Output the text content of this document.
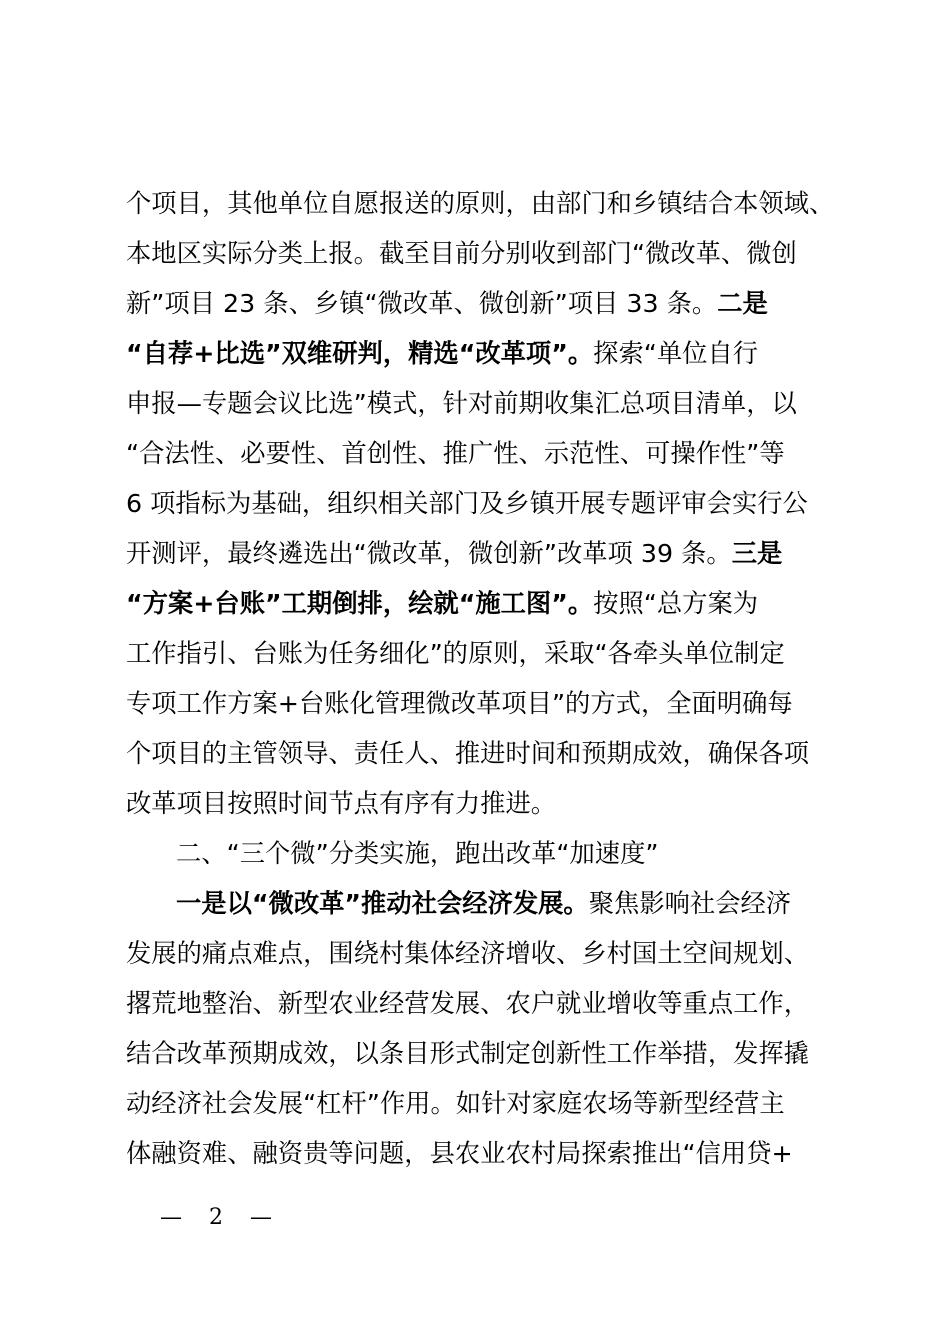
个项目，其他单位自愿报送的原则，由部门和乡镇结合本领域、
本地区实际分类上报。截至目前分别收到部门“微改革、微创
新”项目 23 条、乡镇“微改革、微创新”项目 33 条。二是
“自荐+比选”双维研判，精选“改革项”。探索“单位自行
申报—专题会议比选”模式，针对前期收集汇总项目清单，以
“合法性、必要性、首创性、推广性、示范性、可操作性”等
6 项指标为基础，组织相关部门及乡镇开展专题评审会实行公
开测评，最终遴选出“微改革，微创新”改革项 39 条。三是
“方案+台账”工期倒排，绘就“施工图”。按照“总方案为
工作指引、台账为任务细化”的原则，采取“各牵头单位制定
专项工作方案+台账化管理微改革项目”的方式，全面明确每
个项目的主管领导、责任人、推进时间和预期成效，确保各项
改革项目按照时间节点有序有力推进。
二、“三个微”分类实施，跑出改革“加速度”
一是以“微改革”推动社会经济发展。聚焦影响社会经济
发展的痛点难点，围绕村集体经济增收、乡村国土空间规划、
撂荒地整治、新型农业经营发展、农户就业增收等重点工作，
结合改革预期成效，以条目形式制定创新性工作举措，发挥撬
动经济社会发展“杠杆”作用。如针对家庭农场等新型经营主
体融资难、融资贵等问题，县农业农村局探索推出“信用贷+
— 2 —
